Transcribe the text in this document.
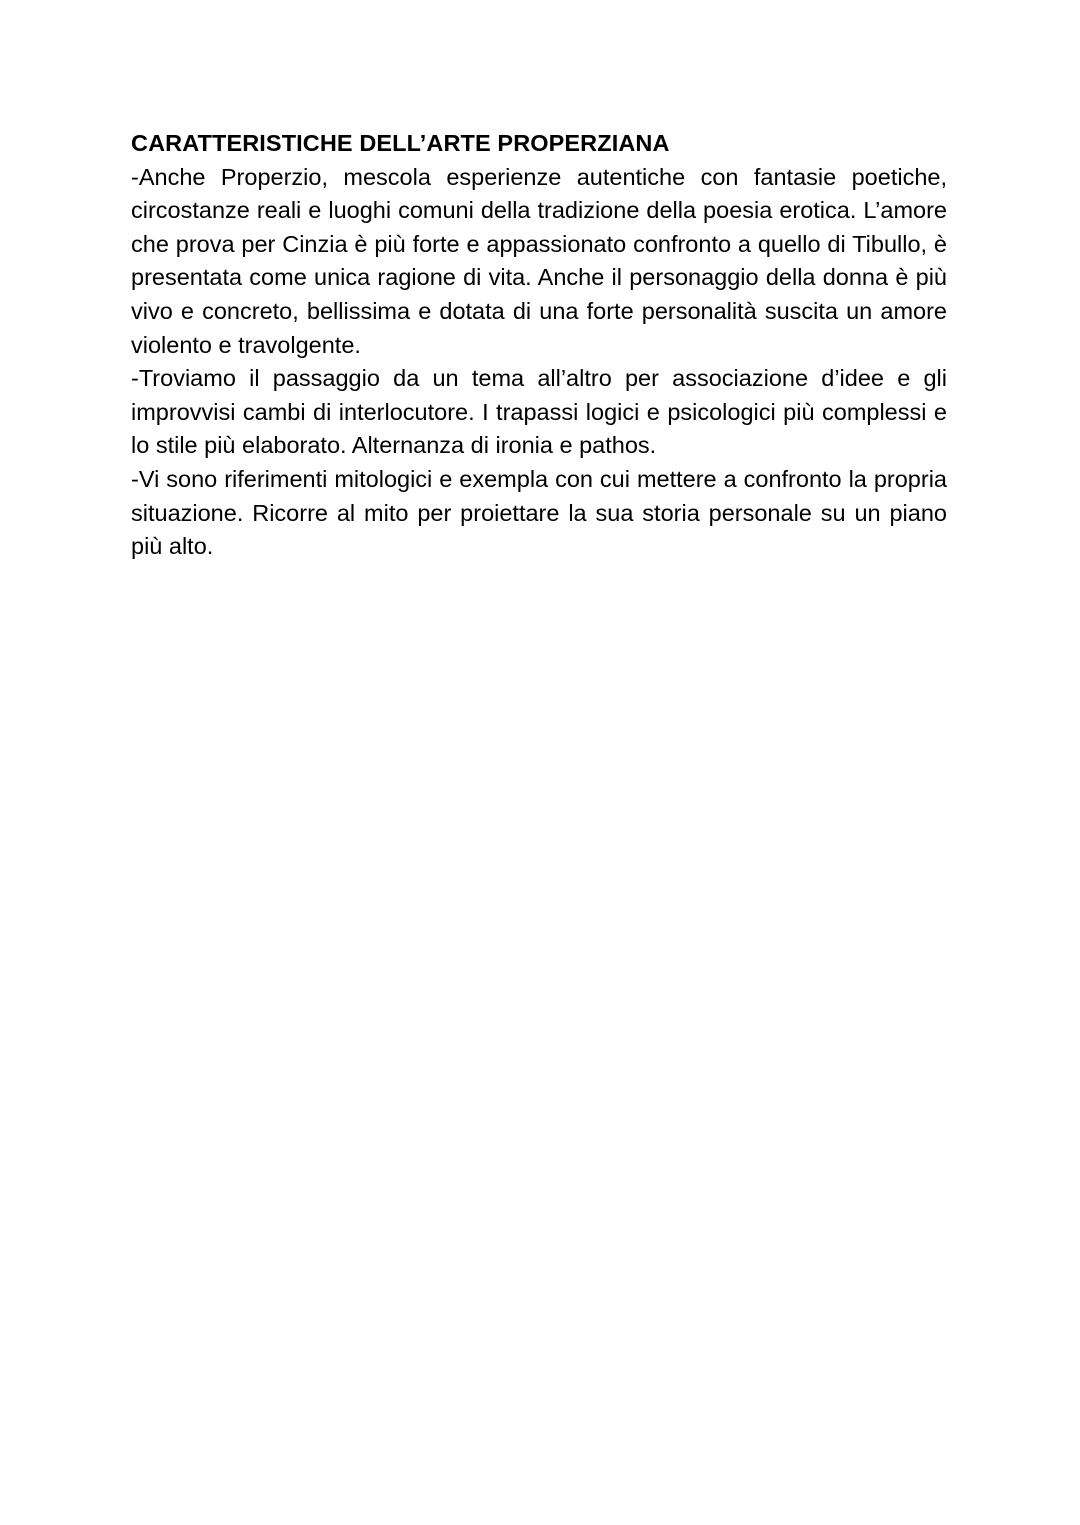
CARATTERISTICHE DELL’ARTE PROPERZIANA

-Anche Properzio, mescola esperienze autentiche con fantasie poetiche, circostanze reali e luoghi comuni della tradizione della poesia erotica. L’amore che prova per Cinzia è più forte e appassionato confronto a quello di Tibullo, è presentata come unica ragione di vita. Anche il personaggio della donna è più vivo e concreto, bellissima e dotata di una forte personalità suscita un amore violento e travolgente.

-Troviamo il passaggio da un tema all’altro per associazione d’idee e gli improvvisi cambi di interlocutore. I trapassi logici e psicologici più complessi e lo stile più elaborato. Alternanza di ironia e pathos.

-Vi sono riferimenti mitologici e exempla con cui mettere a confronto la propria situazione. Ricorre al mito per proiettare la sua storia personale su un piano più alto.
